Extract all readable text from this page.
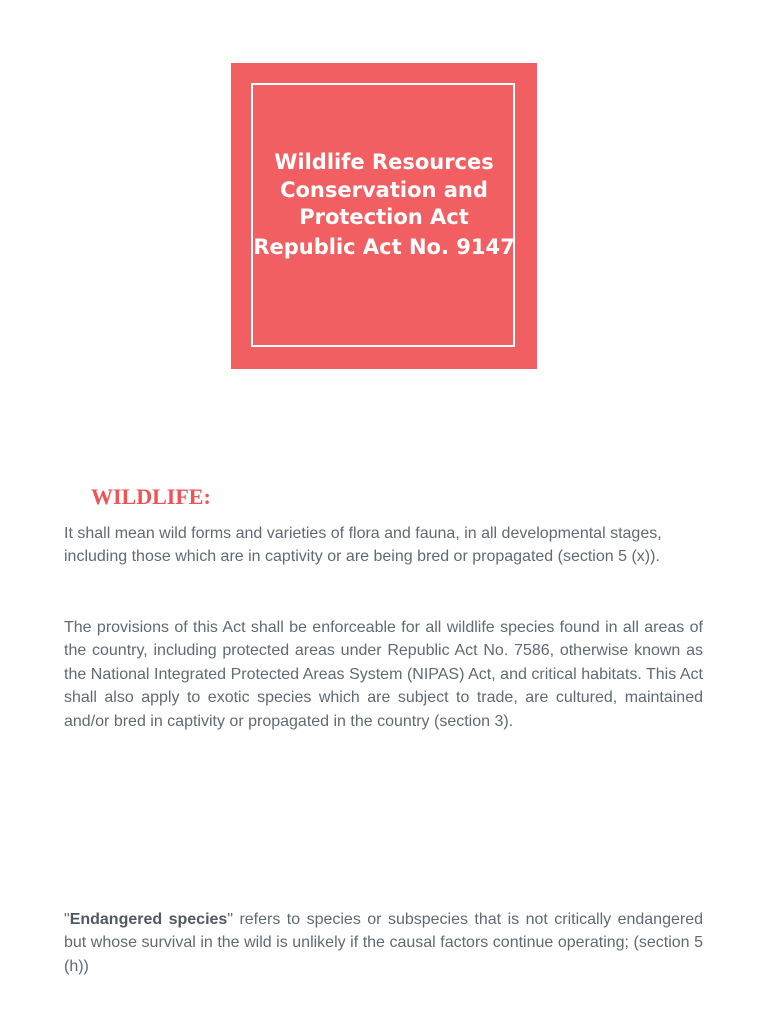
Wildlife Resources Conservation and Protection Act
Republic Act No. 9147
WILDLIFE:

It shall mean wild forms and varieties of flora and fauna, in all developmental stages, including those which are in captivity or are being bred or propagated (section 5 (x)).

The provisions of this Act shall be enforceable for all wildlife species found in all areas of the country, including protected areas under Republic Act No. 7586, otherwise known as the National Integrated Protected Areas System (NIPAS) Act, and critical habitats. This Act shall also apply to exotic species which are subject to trade, are cultured, maintained and/or bred in captivity or propagated in the country (section 3).

"Endangered species" refers to species or subspecies that is not critically endangered but whose survival in the wild is unlikely if the causal factors continue operating; (section 5 (h))
